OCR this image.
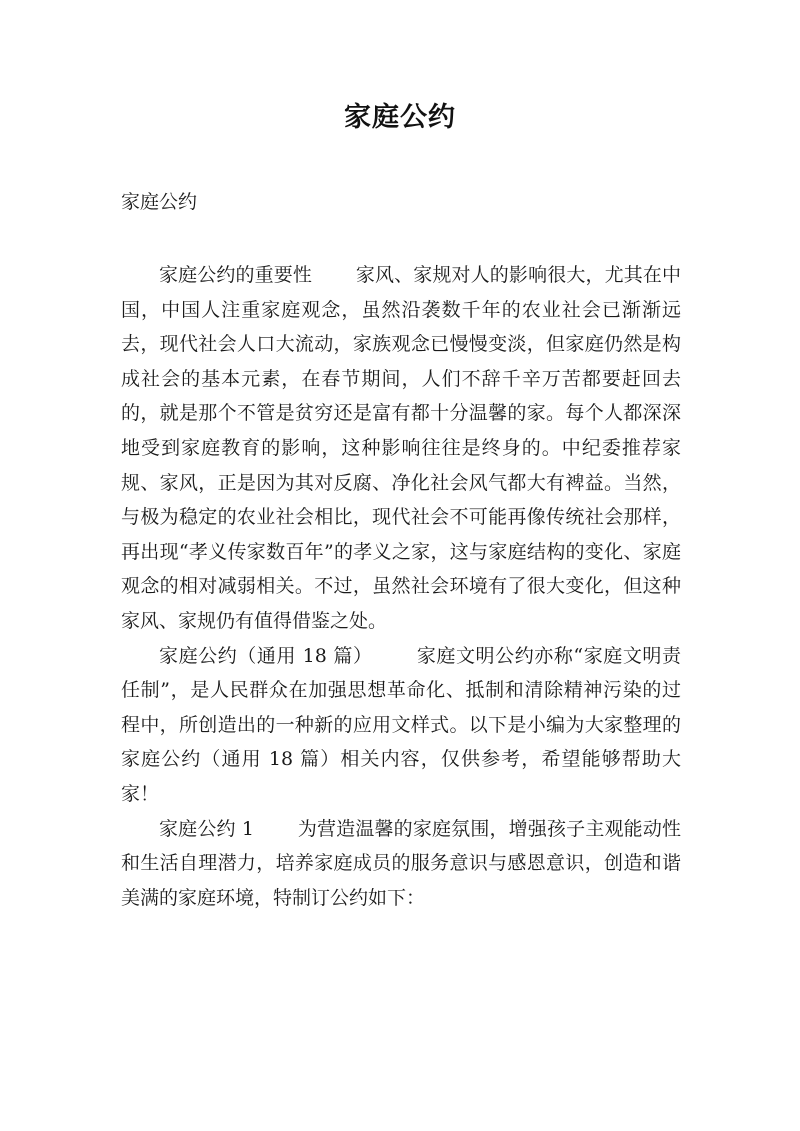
家庭公约
家庭公约

家庭公约的重要性 家风、家规对人的影响很大，尤其在中国，中国人注重家庭观念，虽然沿袭数千年的农业社会已渐渐远去，现代社会人口大流动，家族观念已慢慢变淡，但家庭仍然是构成社会的基本元素，在春节期间，人们不辞千辛万苦都要赶回去的，就是那个不管是贫穷还是富有都十分温馨的家。每个人都深深地受到家庭教育的影响，这种影响往往是终身的。中纪委推荐家规、家风，正是因为其对反腐、净化社会风气都大有裨益。当然，与极为稳定的农业社会相比，现代社会不可能再像传统社会那样，再出现“孝义传家数百年”的孝义之家，这与家庭结构的变化、家庭观念的相对减弱相关。不过，虽然社会环境有了很大变化，但这种家风、家规仍有值得借鉴之处。

家庭公约（通用 18 篇） 家庭文明公约亦称“家庭文明责任制”，是人民群众在加强思想革命化、抵制和清除精神污染的过程中，所创造出的一种新的应用文样式。以下是小编为大家整理的家庭公约（通用 18 篇）相关内容，仅供参考，希望能够帮助大家！

家庭公约 1 为营造温馨的家庭氛围，增强孩子主观能动性和生活自理潜力，培养家庭成员的服务意识与感恩意识，创造和谐美满的家庭环境，特制订公约如下：
